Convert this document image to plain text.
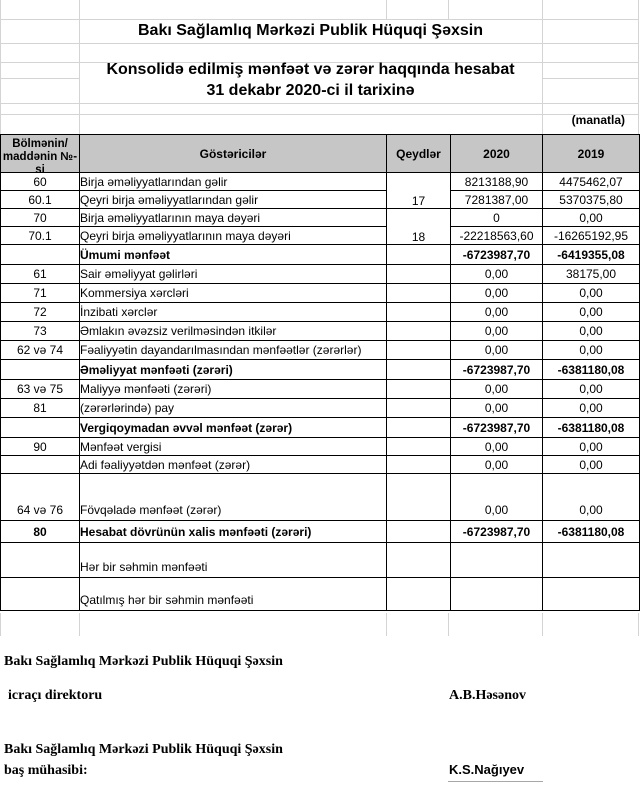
Bakı Sağlamlıq Mərkəzi Publik Hüquqi Şəxsin
Konsolidə edilmiş mənfəət və zərər haqqında hesabat
31 dekabr 2020-ci il tarixinə
(manatla)
Bölmənin/
maddənin №-
si	Göstəricilər	Qeydlər	2020	2019
60	Birja əməliyyatlarından gəlir	17	8213188,90	4475462,07
60.1	Qeyri birja əməliyyatlarından gəlir		7281387,00	5370375,80
70	Birja əməliyyatlarının maya dəyəri	18	0	0,00
70.1	Qeyri birja əməliyyatlarının maya dəyəri		-22218563,60	-16265192,95
	Ümumi mənfəət		-6723987,70	-6419355,08
61	Sair əməliyyat gəlirləri		0,00	38175,00
71	Kommersiya xərcləri		0,00	0,00
72	İnzibati xərclər		0,00	0,00
73	Əmlakın əvəzsiz verilməsindən itkilər		0,00	0,00
62 və 74	Fəaliyyətin dayandarılmasından mənfəətlər (zərərlər)		0,00	0,00
	Əməliyyat mənfəəti (zərəri)		-6723987,70	-6381180,08
63 və 75	Maliyyə mənfəəti (zərəri)		0,00	0,00
81	(zərərlərində) pay		0,00	0,00
	Vergiqoymadan əvvəl mənfəət (zərər)		-6723987,70	-6381180,08
90	Mənfəət vergisi		0,00	0,00
	Adi fəaliyyətdən mənfəət (zərər)		0,00	0,00
64 və 76	Fövqəladə mənfəət (zərər)		0,00	0,00
80	Hesabat dövrünün xalis mənfəəti (zərəri)		-6723987,70	-6381180,08
	Hər bir səhmin mənfəəti			
	Qatılmış hər bir səhmin mənfəəti			
Bakı Sağlamlıq Mərkəzi Publik Hüquqi Şəxsin
icraçı direktoru	A.B.Həsənov
Bakı Sağlamlıq Mərkəzi Publik Hüquqi Şəxsin
baş mühasibi:	K.S.Nağıyev
